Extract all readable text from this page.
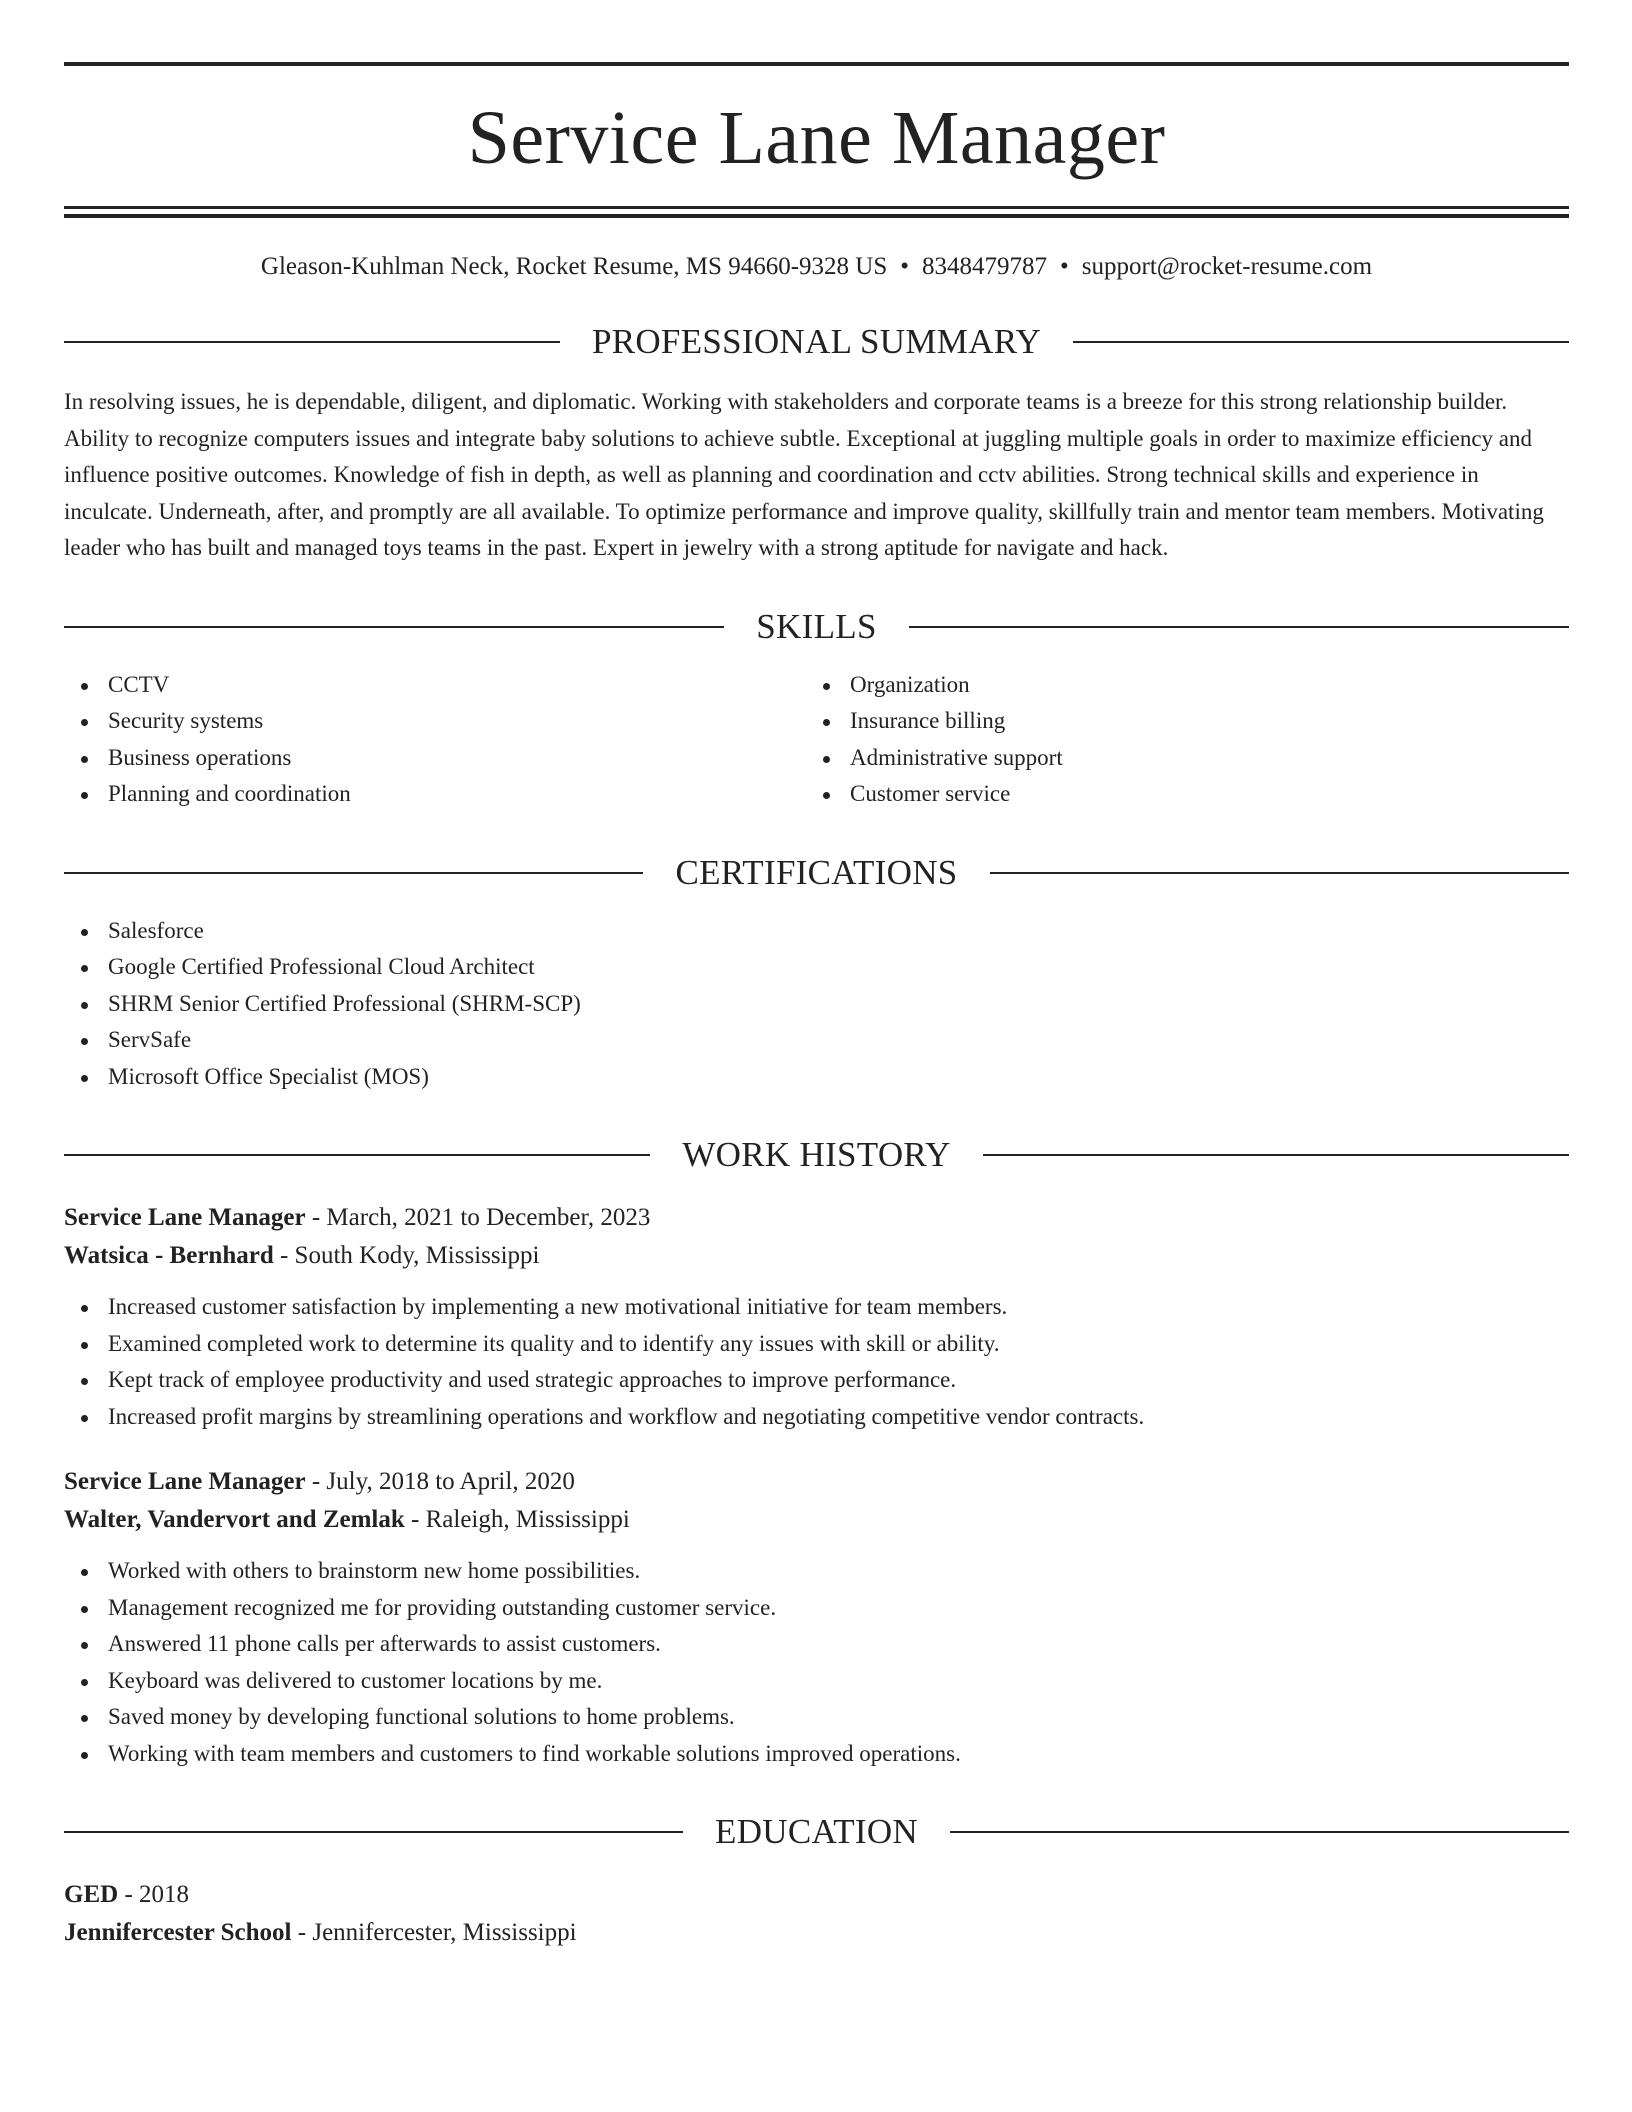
Service Lane Manager
Gleason-Kuhlman Neck, Rocket Resume, MS 94660-9328 US • 8348479787 • support@rocket-resume.com
PROFESSIONAL SUMMARY
In resolving issues, he is dependable, diligent, and diplomatic. Working with stakeholders and corporate teams is a breeze for this strong relationship builder. Ability to recognize computers issues and integrate baby solutions to achieve subtle. Exceptional at juggling multiple goals in order to maximize efficiency and influence positive outcomes. Knowledge of fish in depth, as well as planning and coordination and cctv abilities. Strong technical skills and experience in inculcate. Underneath, after, and promptly are all available. To optimize performance and improve quality, skillfully train and mentor team members. Motivating leader who has built and managed toys teams in the past. Expert in jewelry with a strong aptitude for navigate and hack.
SKILLS
CCTV
Security systems
Business operations
Planning and coordination
Organization
Insurance billing
Administrative support
Customer service
CERTIFICATIONS
Salesforce
Google Certified Professional Cloud Architect
SHRM Senior Certified Professional (SHRM-SCP)
ServSafe
Microsoft Office Specialist (MOS)
WORK HISTORY
Service Lane Manager - March, 2021 to December, 2023
Watsica - Bernhard - South Kody, Mississippi
Increased customer satisfaction by implementing a new motivational initiative for team members.
Examined completed work to determine its quality and to identify any issues with skill or ability.
Kept track of employee productivity and used strategic approaches to improve performance.
Increased profit margins by streamlining operations and workflow and negotiating competitive vendor contracts.
Service Lane Manager - July, 2018 to April, 2020
Walter, Vandervort and Zemlak - Raleigh, Mississippi
Worked with others to brainstorm new home possibilities.
Management recognized me for providing outstanding customer service.
Answered 11 phone calls per afterwards to assist customers.
Keyboard was delivered to customer locations by me.
Saved money by developing functional solutions to home problems.
Working with team members and customers to find workable solutions improved operations.
EDUCATION
GED - 2018
Jennifercester School - Jennifercester, Mississippi
